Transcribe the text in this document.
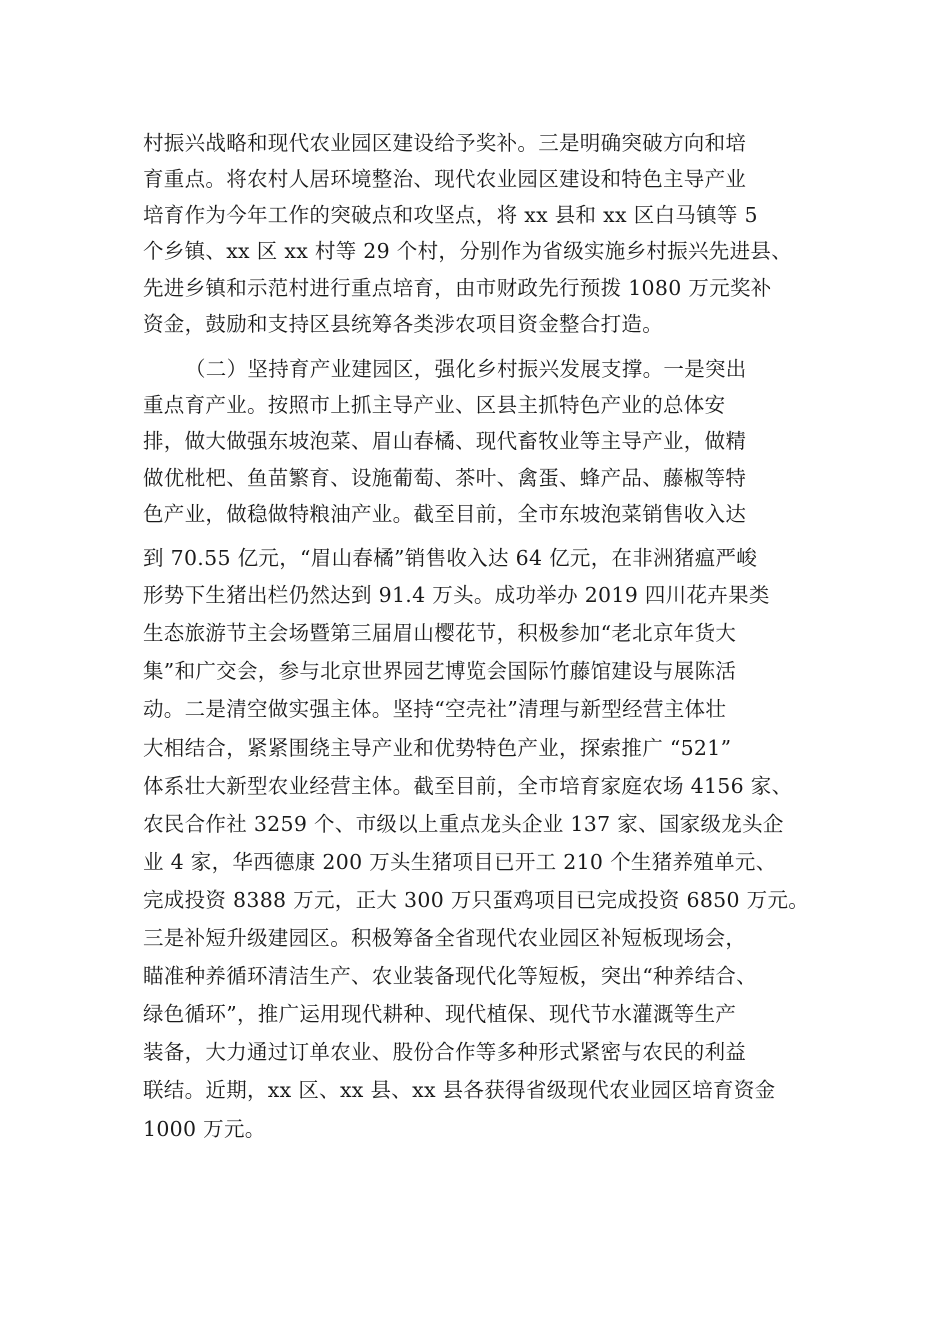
村振兴战略和现代农业园区建设给予奖补。三是明确突破方向和培
育重点。将农村人居环境整治、现代农业园区建设和特色主导产业
培育作为今年工作的突破点和攻坚点，将 xx 县和 xx 区白马镇等 5
个乡镇、xx 区 xx 村等 29 个村，分别作为省级实施乡村振兴先进县、
先进乡镇和示范村进行重点培育，由市财政先行预拨 1080 万元奖补
资金，鼓励和支持区县统筹各类涉农项目资金整合打造。
（二）坚持育产业建园区，强化乡村振兴发展支撑。一是突出
重点育产业。按照市上抓主导产业、区县主抓特色产业的总体安
排，做大做强东坡泡菜、眉山春橘、现代畜牧业等主导产业，做精
做优枇杷、鱼苗繁育、设施葡萄、茶叶、禽蛋、蜂产品、藤椒等特
色产业，做稳做特粮油产业。截至目前，全市东坡泡菜销售收入达
到 70.55 亿元，“眉山春橘”销售收入达 64 亿元，在非洲猪瘟严峻
形势下生猪出栏仍然达到 91.4 万头。成功举办 2019 四川花卉果类
生态旅游节主会场暨第三届眉山樱花节，积极参加“老北京年货大
集”和广交会，参与北京世界园艺博览会国际竹藤馆建设与展陈活
动。二是清空做实强主体。坚持“空壳社”清理与新型经营主体壮
大相结合，紧紧围绕主导产业和优势特色产业，探索推广 “521”
体系壮大新型农业经营主体。截至目前，全市培育家庭农场 4156 家、
农民合作社 3259 个、市级以上重点龙头企业 137 家、国家级龙头企
业 4 家，华西德康 200 万头生猪项目已开工 210 个生猪养殖单元、
完成投资 8388 万元，正大 300 万只蛋鸡项目已完成投资 6850 万元。
三是补短升级建园区。积极筹备全省现代农业园区补短板现场会，
瞄准种养循环清洁生产、农业装备现代化等短板，突出“种养结合、
绿色循环”，推广运用现代耕种、现代植保、现代节水灌溉等生产
装备，大力通过订单农业、股份合作等多种形式紧密与农民的利益
联结。近期，xx 区、xx 县、xx 县各获得省级现代农业园区培育资金
1000 万元。
